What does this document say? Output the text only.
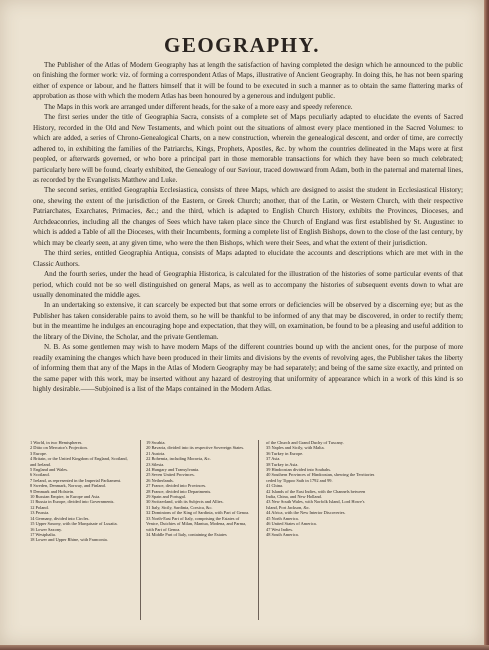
GEOGRAPHY.

The Publisher of the Atlas of Modern Geography has at length the satisfaction of having completed the design which he announced to the public on finishing the former work: viz. of forming a correspondent Atlas of Maps, illustrative of Ancient Geography. In doing this, he has not been sparing either of expence or labour, and he flatters himself that it will be found to be executed in such a manner as to obtain the same flattering marks of approbation as those with which the modern Atlas has been honoured by a generous and indulgent public.

The Maps in this work are arranged under different heads, for the sake of a more easy and speedy reference.

The first series under the title of Geographia Sacra, consists of a complete set of Maps peculiarly adapted to elucidate the events of Sacred History, recorded in the Old and New Testaments, and which point out the situations of almost every place mentioned in the Sacred Volumes: to which are added, a series of Chrono-Genealogical Charts, on a new construction, wherein the genealogical descent, and order of time, are correctly adhered to, in exhibiting the families of the Patriarchs, Kings, Prophets, Apostles, &c. by whom the countries delineated in the Maps were at first peopled, or afterwards governed, or who bore a principal part in those memorable transactions for which they have been so much celebrated; particularly here will be found, clearly exhibited, the Genealogy of our Saviour, traced downward from Adam, both in the paternal and maternal lines, as recorded by the Evangelists Matthew and Luke.

The second series, entitled Geographia Ecclesiastica, consists of three Maps, which are designed to assist the student in Ecclesiastical History; one, shewing the extent of the jurisdiction of the Eastern, or Greek Church; another, that of the Latin, or Western Church, with their respective Patriarchates, Exarchates, Primacies, &c.; and the third, which is adapted to English Church History, exhibits the Provinces, Dioceses, and Archdeaconries, including all the changes of Sees which have taken place since the Church of England was first established by St. Augustine: to which is added a Table of all the Dioceses, with their Incumbents, forming a complete list of English Bishops, down to the close of the last century, by which may be clearly seen, at any given time, who were the then Bishops, which were their Sees, and what the extent of their jurisdiction.

The third series, entitled Geographia Antiqua, consists of Maps adapted to elucidate the accounts and descriptions which are met with in the Classic Authors.

And the fourth series, under the head of Geographia Historica, is calculated for the illustration of the histories of some particular events of that period, which could not be so well distinguished on general Maps, as well as to accompany the histories of subsequent events down to what are usually denominated the middle ages.

In an undertaking so extensive, it can scarcely be expected but that some errors or deficiencies will be observed by a discerning eye; but as the Publisher has taken considerable pains to avoid them, so he will be thankful to be informed of any that may be discovered, in order to rectify them; but in the meantime he indulges an encouraging hope and expectation, that they will, on examination, be found to be a pleasing and useful addition to the library of the Divine, the Scholar, and the private Gentleman.

N. B. As some gentlemen may wish to have modern Maps of the different countries bound up with the ancient ones, for the purpose of more readily examining the changes which have been produced in their limits and divisions by the events of revolving ages, the Publisher takes the liberty of informing them that any of the Maps in the Atlas of Modern Geography may be had separately; and being of the same size exactly, and printed on the same paper with this work, may be inserted without any hazard of destroying that uniformity of appearance which in a work of this kind is so highly desirable.——Subjoined is a list of the Maps contained in the Modern Atlas.

1 World, in two Hemispheres.
2 Ditto on Mercator's Projection.
3 Europe.
4 Britain, or the United Kingdom of England, Scotland, and Ireland.
5 England and Wales.
6 Scotland.
7 Ireland, as represented in the Imperial Parliament.
8 Sweden, Denmark, Norway, and Finland.
9 Denmark and Holstein.
10 Russian Empire, in Europe and Asia.
11 Russia in Europe, divided into Governments.
12 Poland.
13 Prussia.
14 Germany, divided into Circles.
15 Upper Saxony, with the Marquisate of Lusatia.
16 Lower Saxony.
17 Westphalia.
18 Lower and Upper Rhine, with Franconia.
19 Swabia.
20 Bavaria, divided into its respective Sovereign States.
21 Austria.
22 Bohemia, including Moravia, &c.
23 Silesia.
24 Hungary and Transylvania.
25 Seven United Provinces.
26 Netherlands.
27 France, divided into Provinces.
28 France, divided into Departments.
29 Spain and Portugal.
30 Switzerland, with its Subjects and Allies.
31 Italy, Sicily, Sardinia, Corsica, &c.
32 Dominions of the King of Sardinia, with Part of Genoa.
33 North-East Part of Italy, comprising the Estates of Venice, Dutchies of Milan, Mantua, Modena, and Parma, with Part of Genoa.
34 Middle Part of Italy, containing the Estates
of the Church and Grand Duchy of Tuscany.
35 Naples and Sicily, with Malta.
36 Turkey in Europe.
37 Asia.
38 Turkey in Asia.
39 Hindoostan divided into Soubahs.
40 Southern Provinces of Hindoostan, shewing the Territories ceded by Tippoo Saib in 1792 and 99.
41 China.
42 Islands of the East Indies, with the Channels between India, China, and New Holland.
43 New South Wales, with Norfolk Island, Lord Howe's Island, Port Jackson, &c.
44 Africa, with the New Interior Discoveries.
45 North America.
46 United States of America.
47 West Indies.
48 South America.
